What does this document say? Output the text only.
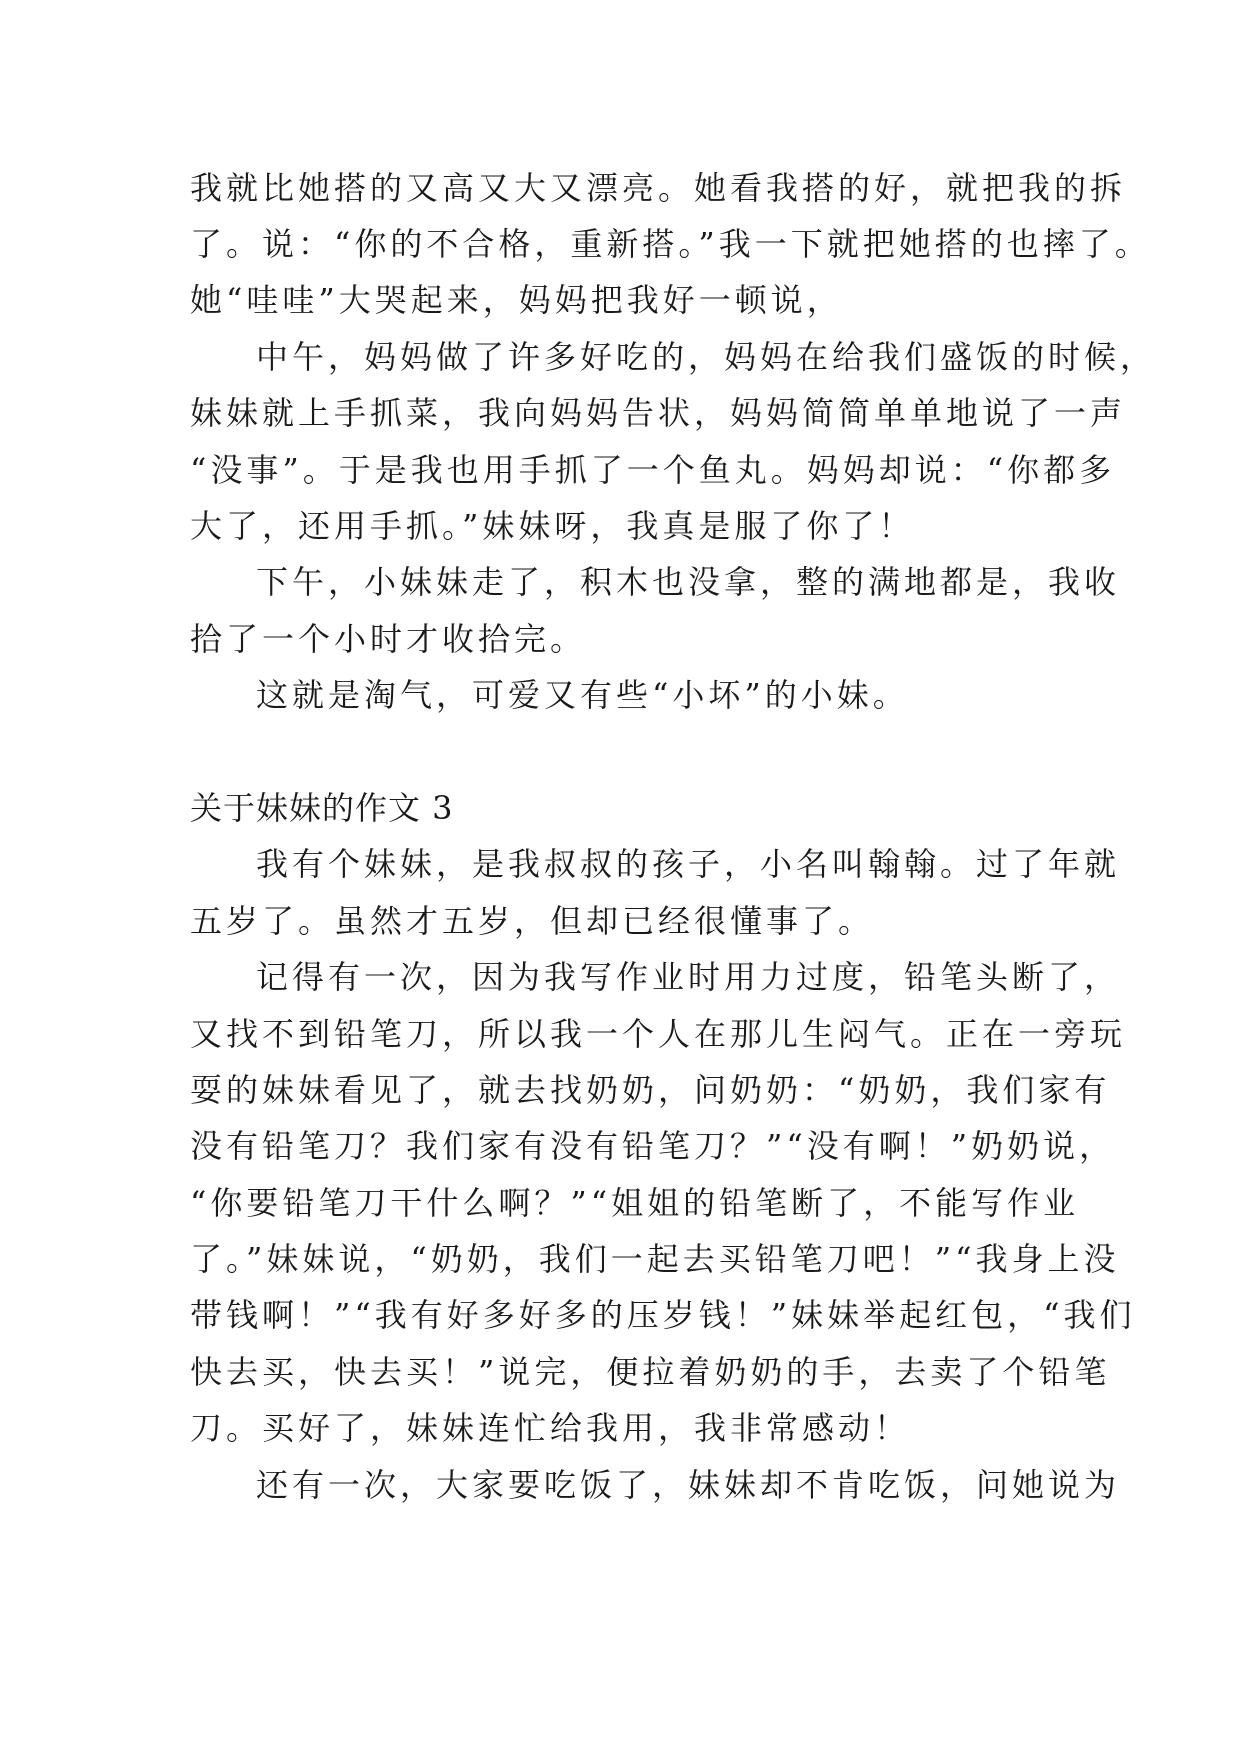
我就比她搭的又高又大又漂亮。她看我搭的好，就把我的拆
了。说：“你的不合格，重新搭。”我一下就把她搭的也摔了。
她“哇哇”大哭起来，妈妈把我好一顿说，
中午，妈妈做了许多好吃的，妈妈在给我们盛饭的时候，
妹妹就上手抓菜，我向妈妈告状，妈妈简简单单地说了一声
“没事”。于是我也用手抓了一个鱼丸。妈妈却说：“你都多
大了，还用手抓。”妹妹呀，我真是服了你了！
下午，小妹妹走了，积木也没拿，整的满地都是，我收
拾了一个小时才收拾完。
这就是淘气，可爱又有些“小坏”的小妹。
关于妹妹的作文 3
我有个妹妹，是我叔叔的孩子，小名叫翰翰。过了年就
五岁了。虽然才五岁，但却已经很懂事了。
记得有一次，因为我写作业时用力过度，铅笔头断了，
又找不到铅笔刀，所以我一个人在那儿生闷气。正在一旁玩
耍的妹妹看见了，就去找奶奶，问奶奶：“奶奶，我们家有
没有铅笔刀？我们家有没有铅笔刀？”“没有啊！”奶奶说，
“你要铅笔刀干什么啊？”“姐姐的铅笔断了，不能写作业
了。”妹妹说，“奶奶，我们一起去买铅笔刀吧！”“我身上没
带钱啊！”“我有好多好多的压岁钱！”妹妹举起红包，“我们
快去买，快去买！”说完，便拉着奶奶的手，去卖了个铅笔
刀。买好了，妹妹连忙给我用，我非常感动！
还有一次，大家要吃饭了，妹妹却不肯吃饭，问她说为
